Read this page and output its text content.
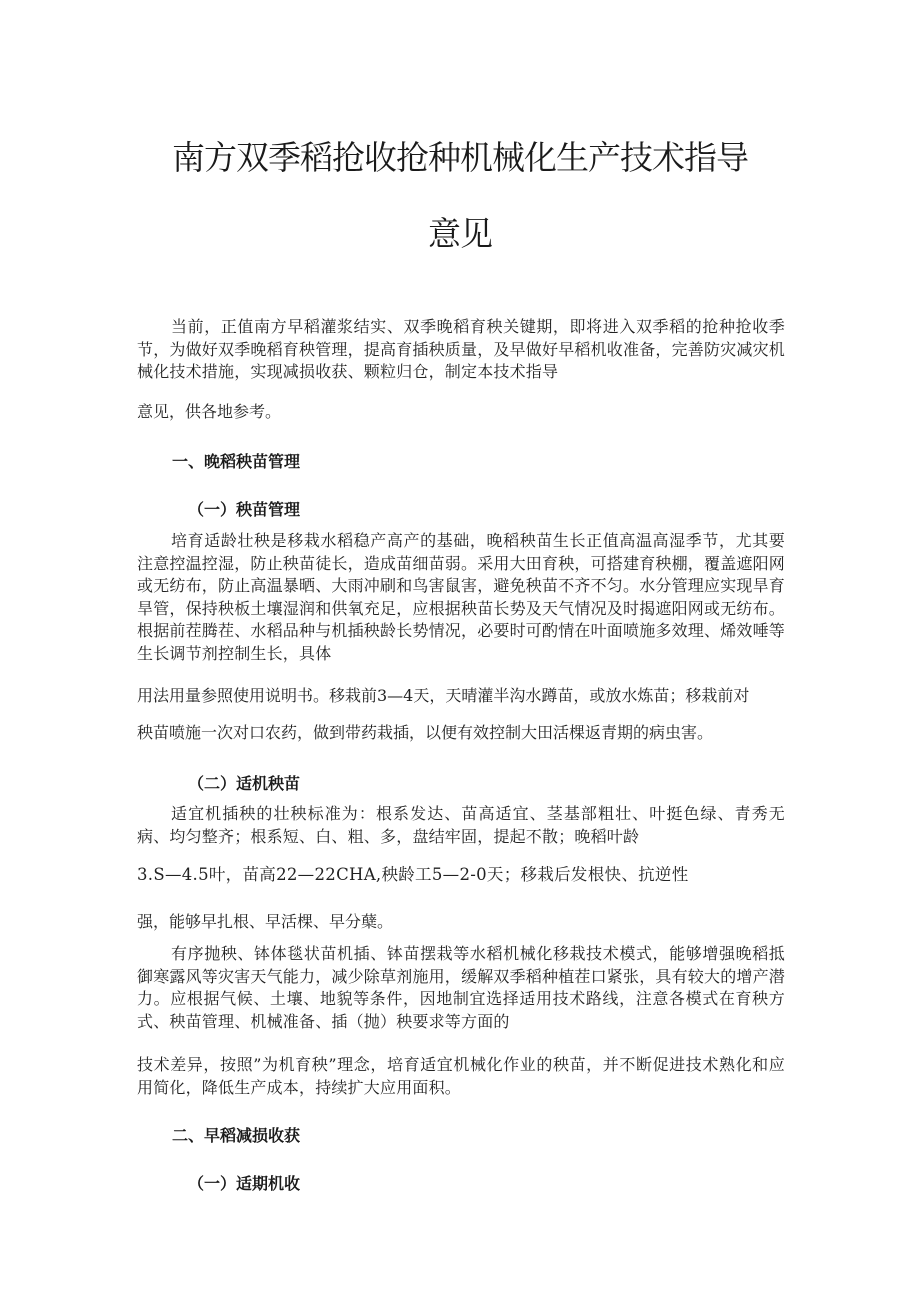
南方双季稻抢收抢种机械化生产技术指导
意见

当前，正值南方早稻灌浆结实、双季晚稻育秧关键期，即将进入双季稻的抢种抢收季节，为做好双季晚稻育秧管理，提高育插秧质量，及早做好早稻机收准备，完善防灾减灾机械化技术措施，实现减损收获、颗粒归仓，制定本技术指导

意见，供各地参考。

一、晚稻秧苗管理
（一）秧苗管理

培育适龄壮秧是移栽水稻稳产高产的基础，晚稻秧苗生长正值高温高湿季节，尤其要注意控温控湿，防止秧苗徒长，造成苗细苗弱。采用大田育秧，可搭建育秧棚，覆盖遮阳网或无纺布，防止高温暴晒、大雨冲刷和鸟害鼠害，避免秧苗不齐不匀。水分管理应实现旱育旱管，保持秧板土壤湿润和供氧充足，应根据秧苗长势及天气情况及时揭遮阳网或无纺布。根据前茬腾茬、水稻品种与机插秧龄长势情况，必要时可酌情在叶面喷施多效理、烯效唾等生长调节剂控制生长，具体

用法用量参照使用说明书。移栽前3—4天，天晴灌半沟水蹲苗，或放水炼苗；移栽前对

秧苗喷施一次对口农药，做到带药栽插，以便有效控制大田活棵返青期的病虫害。

（二）适机秧苗

适宜机插秧的壮秧标准为：根系发达、苗高适宜、茎基部粗壮、叶挺色绿、青秀无病、均匀整齐；根系短、白、粗、多，盘结牢固，提起不散；晚稻叶龄

3.S—4.5叶，苗高22—22CHA,秧龄工5—2-0天；移栽后发根快、抗逆性

强，能够早扎根、早活棵、早分蘖。

有序抛秧、钵体毯状苗机插、钵苗摆栽等水稻机械化移栽技术模式，能够增强晚稻抵御寒露风等灾害天气能力，减少除草剂施用，缓解双季稻种植茬口紧张，具有较大的增产潜力。应根据气候、土壤、地貌等条件，因地制宜选择适用技术路线，注意各模式在育秧方式、秧苗管理、机械准备、插（抛）秧要求等方面的

技术差异，按照”为机育秧”理念，培育适宜机械化作业的秧苗，并不断促进技术熟化和应用简化，降低生产成本，持续扩大应用面积。

二、早稻减损收获
（一）适期机收
